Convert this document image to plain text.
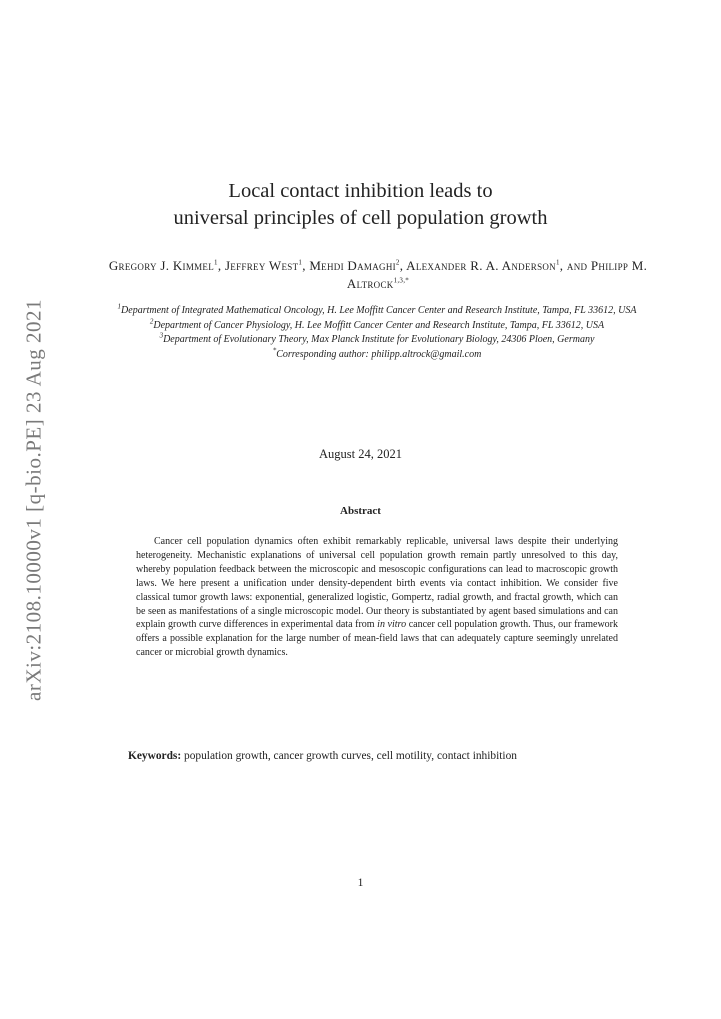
arXiv:2108.10000v1 [q-bio.PE] 23 Aug 2021
Local contact inhibition leads to
universal principles of cell population growth
Gregory J. Kimmel$^1$, Jeffrey West$^1$, Mehdi Damaghi$^2$, Alexander R. A. Anderson$^1$, and Philipp M. Altrock$^{1,3,*}$
$^1$Department of Integrated Mathematical Oncology, H. Lee Moffitt Cancer Center and Research Institute, Tampa, FL 33612, USA
$^2$Department of Cancer Physiology, H. Lee Moffitt Cancer Center and Research Institute, Tampa, FL 33612, USA
$^3$Department of Evolutionary Theory, Max Planck Institute for Evolutionary Biology, 24306 Ploen, Germany
*Corresponding author: philipp.altrock@gmail.com
August 24, 2021
Abstract
Cancer cell population dynamics often exhibit remarkably replicable, universal laws despite their underlying heterogeneity. Mechanistic explanations of universal cell population growth remain partly unresolved to this day, whereby population feedback between the microscopic and mesoscopic configurations can lead to macroscopic growth laws. We here present a unification under density-dependent birth events via contact inhibition. We consider five classical tumor growth laws: exponential, generalized logistic, Gompertz, radial growth, and fractal growth, which can be seen as manifestations of a single microscopic model. Our theory is substantiated by agent based simulations and can explain growth curve differences in experimental data from in vitro cancer cell population growth. Thus, our framework offers a possible explanation for the large number of mean-field laws that can adequately capture seemingly unrelated cancer or microbial growth dynamics.
Keywords: population growth, cancer growth curves, cell motility, contact inhibition
1
